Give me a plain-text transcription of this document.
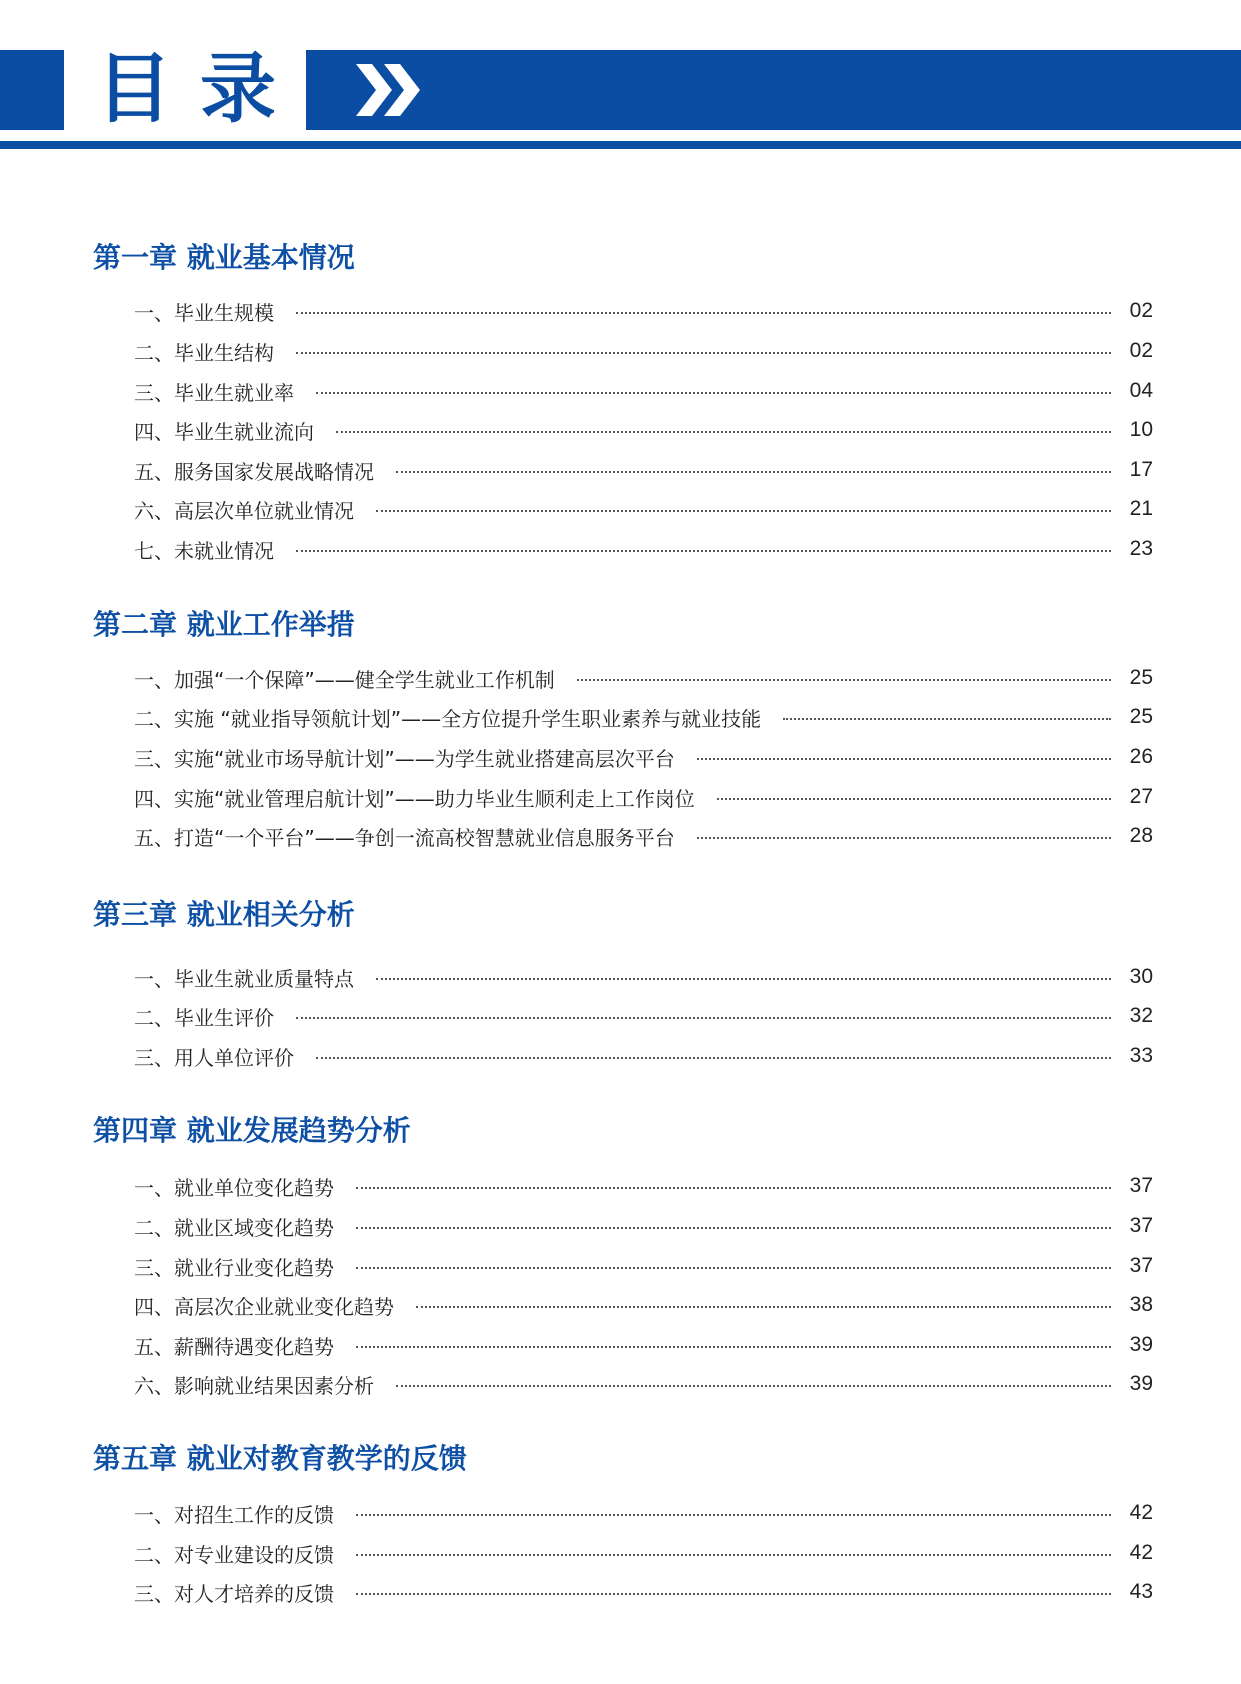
目录
第一章 就业基本情况
一、毕业生规模	02
二、毕业生结构	02
三、毕业生就业率	04
四、毕业生就业流向	10
五、服务国家发展战略情况	17
六、高层次单位就业情况	21
七、未就业情况	23
第二章 就业工作举措
一、加强“一个保障”——健全学生就业工作机制	25
二、实施 “就业指导领航计划”——全方位提升学生职业素养与就业技能	25
三、实施“就业市场导航计划”——为学生就业搭建高层次平台	26
四、实施“就业管理启航计划”——助力毕业生顺利走上工作岗位	27
五、打造“一个平台”——争创一流高校智慧就业信息服务平台	28
第三章 就业相关分析
一、毕业生就业质量特点	30
二、毕业生评价	32
三、用人单位评价	33
第四章 就业发展趋势分析
一、就业单位变化趋势	37
二、就业区域变化趋势	37
三、就业行业变化趋势	37
四、高层次企业就业变化趋势	38
五、薪酬待遇变化趋势	39
六、影响就业结果因素分析	39
第五章 就业对教育教学的反馈
一、对招生工作的反馈	42
二、对专业建设的反馈	42
三、对人才培养的反馈	43
